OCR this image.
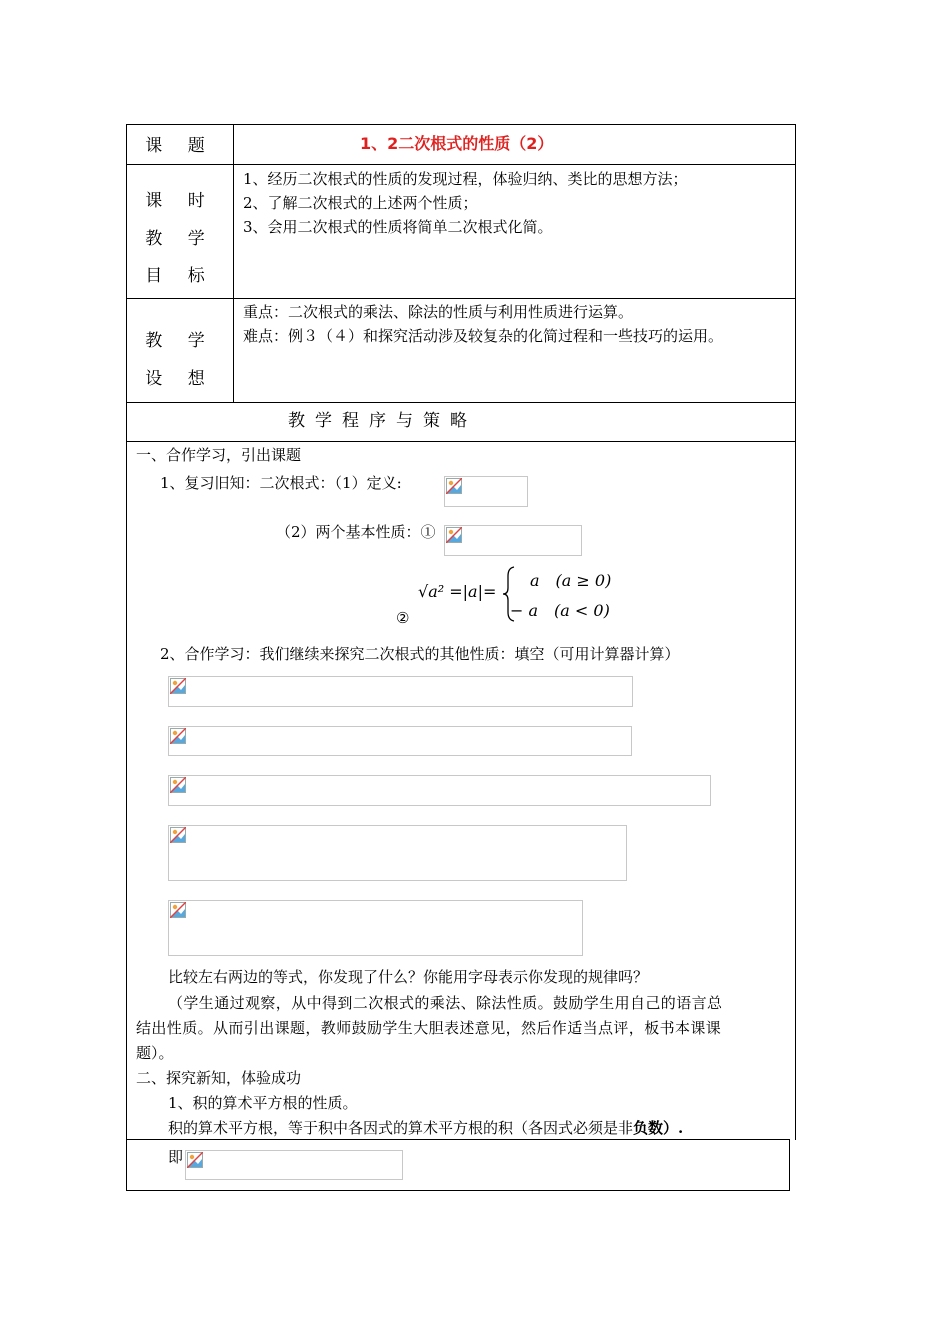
课 题	1、2二次根式的性质（2）
课 时
教 学
目 标
1、经历二次根式的性质的发现过程，体验归纳、类比的思想方法；
2、了解二次根式的上述两个性质；
3、会用二次根式的性质将简单二次根式化简。
教 学
设 想
重点：二次根式的乘法、除法的性质与利用性质进行运算。
难点：例３（４）和探究活动涉及较复杂的化简过程和一些技巧的运用。
教学程序与策略
一、合作学习，引出课题
1、复习旧知：二次根式：（1）定义:
（2）两个基本性质：①
②
√a² =|a|=
a　(a ≥ 0)
− a　(a < 0)
2、合作学习：我们继续来探究二次根式的其他性质：填空（可用计算器计算）
比较左右两边的等式，你发现了什么？你能用字母表示你发现的规律吗？
（学生通过观察，从中得到二次根式的乘法、除法性质。鼓励学生用自己的语言总
结出性质。从而引出课题，教师鼓励学生大胆表述意见，然后作适当点评，板书本课课
题）。
二、探究新知，体验成功
1、积的算术平方根的性质。
积的算术平方根，等于积中各因式的算术平方根的积（各因式必须是非负数）.
即
